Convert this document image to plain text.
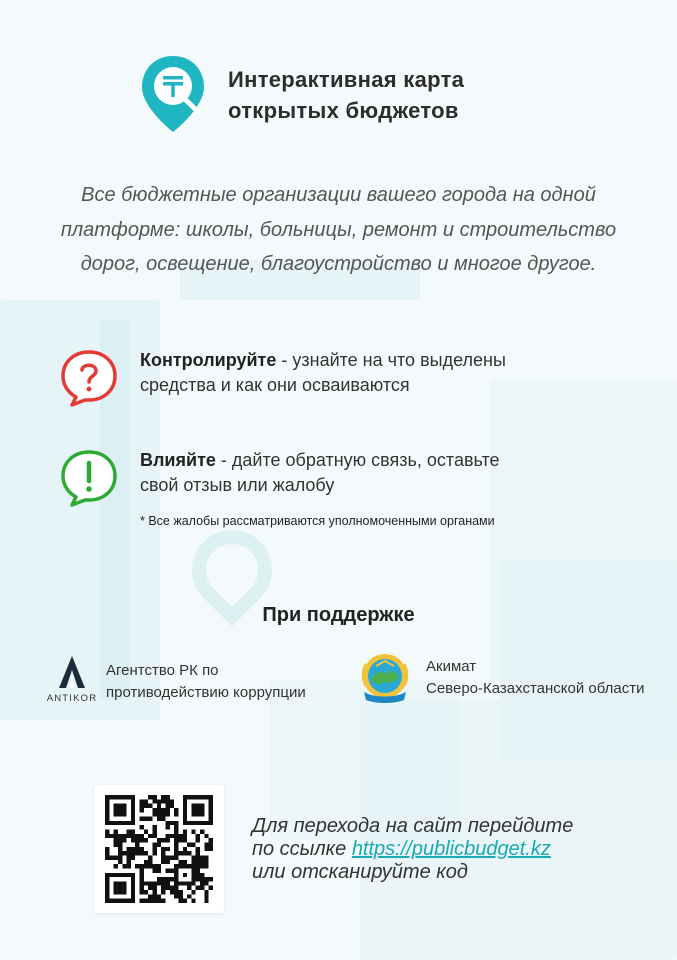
Интерактивная карта
открытых бюджетов
Все бюджетные организации вашего города на одной платформе: школы, больницы, ремонт и строительство дорог, освещение, благоустройство и многое другое.
Контролируйте - узнайте на что выделены
средства и как они осваиваются
Влияйте - дайте обратную связь, оставьте
свой отзыв или жалобу
* Все жалобы рассматриваются уполномоченными органами
При поддержке
ANTIKOR
Агентство РК по
противодействию коррупции
Акимат
Северо-Казахстанской области
Для перехода на сайт перейдите
по ссылке https://publicbudget.kz
или отсканируйте код
